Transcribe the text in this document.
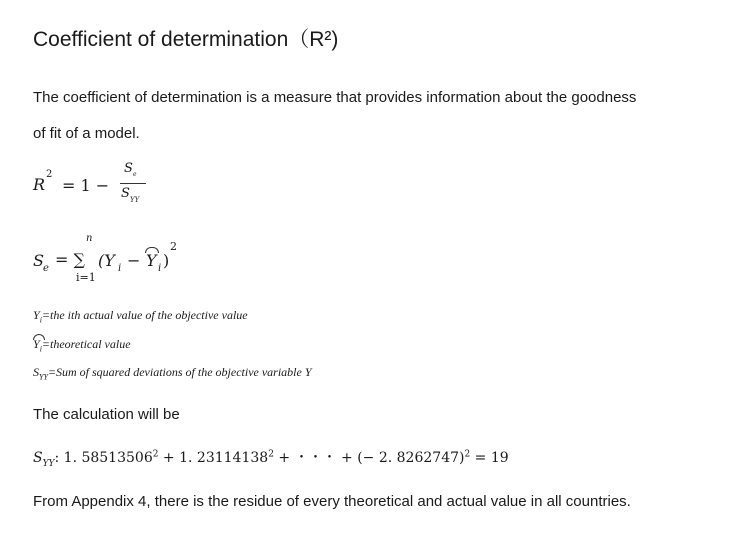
Coefficient of determination（R²)
The coefficient of determination is a measure that provides information about the goodness
of fit of a model.
R
2
= 1 −
S e
S YY
n
S e = ∑ (Y i − Y i )
2
i=1
$Y_i=the$ ith actual value of the objective value
$Y_i=theoretical$ value
$S_{YY}=Sum$ of squared deviations of the objective variable Y
The calculation will be
$S_{YY}$: 1. $58513506^2 + 1$. $23114138^2$ + ・・・ + (− 2. 8262747)$^2$ = 19
From Appendix 4, there is the residue of every theoretical and actual value in all countries.
